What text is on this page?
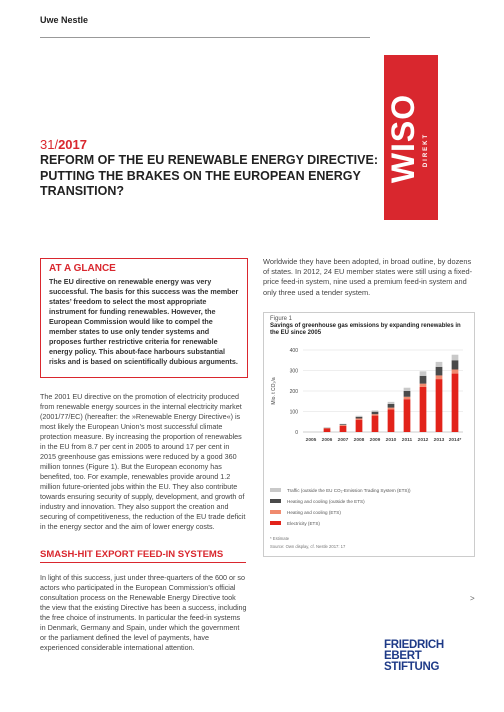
Uwe Nestle
WISO DIREKT
31/2017
REFORM OF THE EU RENEWABLE ENERGY DIRECTIVE: PUTTING THE BRAKES ON THE EUROPEAN ENERGY TRANSITION?
AT A GLANCE
The EU directive on renewable energy was very successful. The basis for this success was the member states’ freedom to select the most appropriate instrument for funding renewables. However, the European Commission would like to compel the member states to use only tender systems and proposes further restrictive criteria for renewable energy policy. This about-face harbours substantial risks and is based on scientifically dubious arguments.
Worldwide they have been adopted, in broad outline, by dozens of states. In 2012, 24 EU member states were still using a fixed-price feed-in system, nine used a premium feed-in system and only three used a tender system.
The 2001 EU directive on the promotion of electricity produced from renewable energy sources in the internal electricity market (2001/77/EC) (hereafter: the »Renewable Energy Directive«) is most likely the European Union’s most successful climate protection measure. By increasing the proportion of renewables in the EU from 8.7 per cent in 2005 to around 17 per cent in 2015 greenhouse gas emissions were reduced by a good 360 million tonnes (Figure 1). But the European economy has benefited, too. For example, renewables provide around 1.2 million future-oriented jobs within the EU. They also contribute towards ensuring security of supply, development, and growth of industry and innovation. They also support the creation and securing of competitiveness, the reduction of the EU trade deficit in the energy sector and the aim of lower energy costs.
SMASH-HIT EXPORT FEED-IN SYSTEMS
In light of this success, just under three-quarters of the 600 or so actors who participated in the European Commission’s official consultation process on the Renewable Energy Directive took the view that the existing Directive has been a success, including the free choice of instruments. In particular the feed-in systems in Denmark, Germany and Spain, under which the government or the parliament defined the level of payments, have experienced considerable international attention.
Figure 1
Savings of greenhouse gas emissions by expanding renewables in the EU since 2005
0
100
200
300
400
Mio. t CO₂/a
2005 2006 2007 2008 2009 2010 2011 2012 2013 2014*
Traffic (outside the EU CO₂-Emission Trading System (ETS))
Heating and cooling (outside the ETS)
Heating and cooling (ETS)
Electricity (ETS)
* Estimate
Source: Own display, cf. Nestle 2017: 17
>
FRIEDRICH
EBERT
STIFTUNG
